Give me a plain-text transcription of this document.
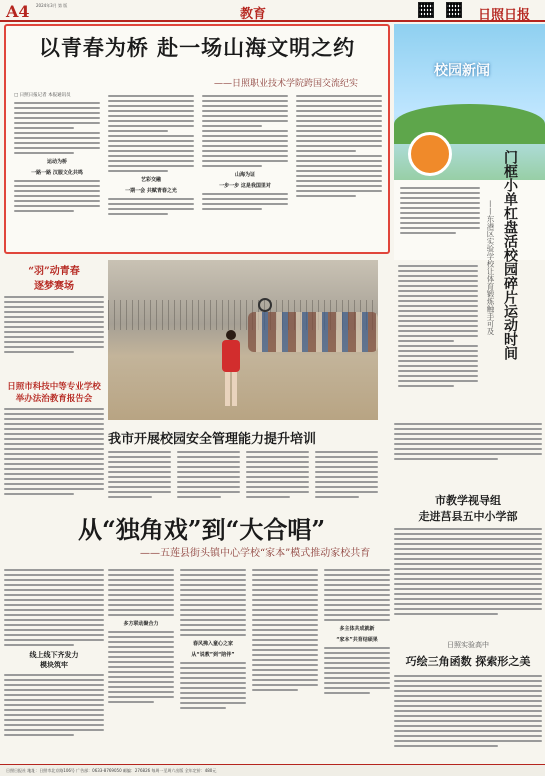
A4 2024年3月 第 版
教育	日照日报
以青春为桥 赴一场山海文明之约
——日照职业技术学院跨国交流纪实
□ 日照日报记者 本报通讯员
运动为桥
一路一路 汉服文化共鸣
艺彩交融
一期一会 共赋青春之光
山海为证
一步一步 这是我国里对
校园新闻
门框小单杠盘活校园碎片运动时间
——东港区实验学校让体育锻炼触手可及
“羽”动青春
逐梦赛场
日照市科技中等专业学校
举办法治教育报告会
我市开展校园安全管理能力提升培训
市教学视导组
走进莒县五中小学部
日照实验高中
巧绘三角函数 探索形之美
从“独角戏”到“大合唱”
——五莲县街头镇中心学校“家本”模式推动家校共育
线上线下齐发力
模块筑牢
多方联动聚合力
春风拂入童心之家
从“说教”到“陪伴”
多主体共成就新
“家本”共育结硕果
日照日报社 地址：日照市北京路106号 广告部：0633-8769050 邮编：276826 每周一至周六出版 全年定价：480元
